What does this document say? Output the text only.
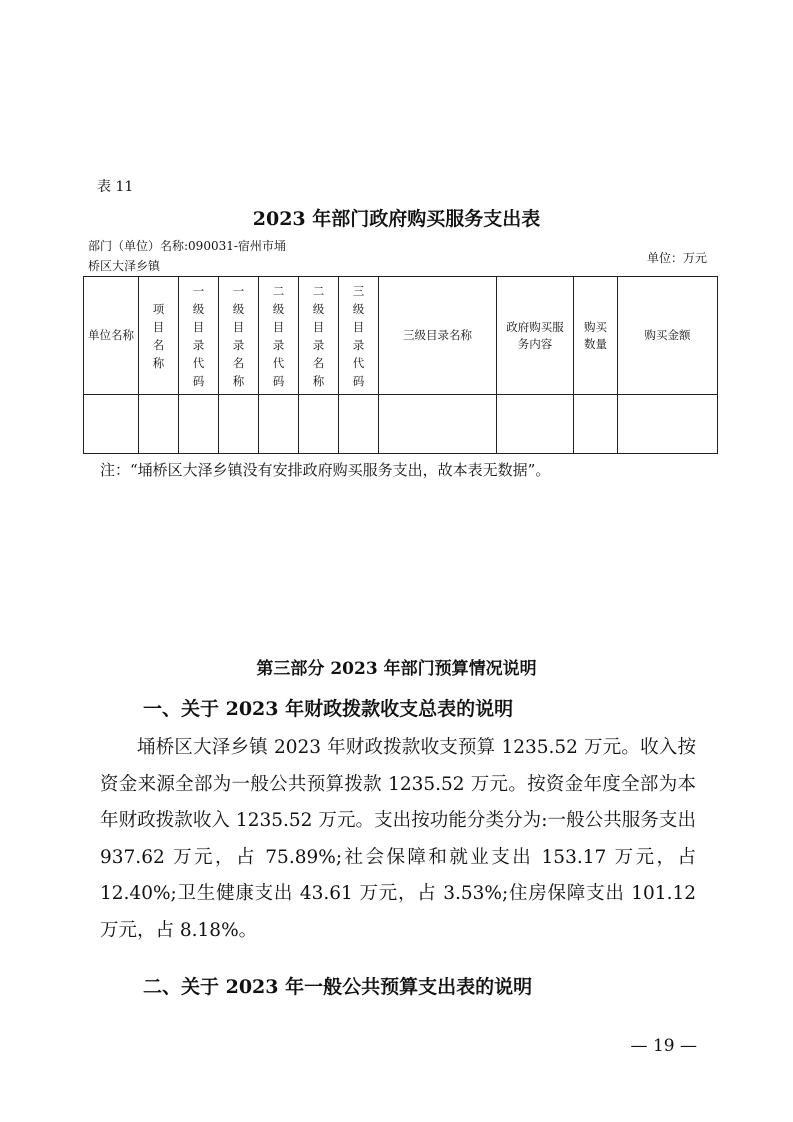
表 11
2023 年部门政府购买服务支出表
部门（单位）名称:090031-宿州市埇桥区大泽乡镇
单位：万元
单位名称	项目名称	一级目录代码	一级目录名称	二级目录代码	二级目录名称	三级目录代码	三级目录名称	政府购买服务内容	购买数量	购买金额

注：“埇桥区大泽乡镇没有安排政府购买服务支出，故本表无数据”。
第三部分 2023 年部门预算情况说明
一、关于 2023 年财政拨款收支总表的说明
埇桥区大泽乡镇 2023 年财政拨款收支预算 1235.52 万元。收入按资金来源全部为一般公共预算拨款 1235.52 万元。按资金年度全部为本年财政拨款收入 1235.52 万元。支出按功能分类分为:一般公共服务支出 937.62 万元，占 75.89%;社会保障和就业支出 153.17 万元，占 12.40%;卫生健康支出 43.61 万元，占 3.53%;住房保障支出 101.12 万元，占 8.18%。
二、关于 2023 年一般公共预算支出表的说明
— 19 —
